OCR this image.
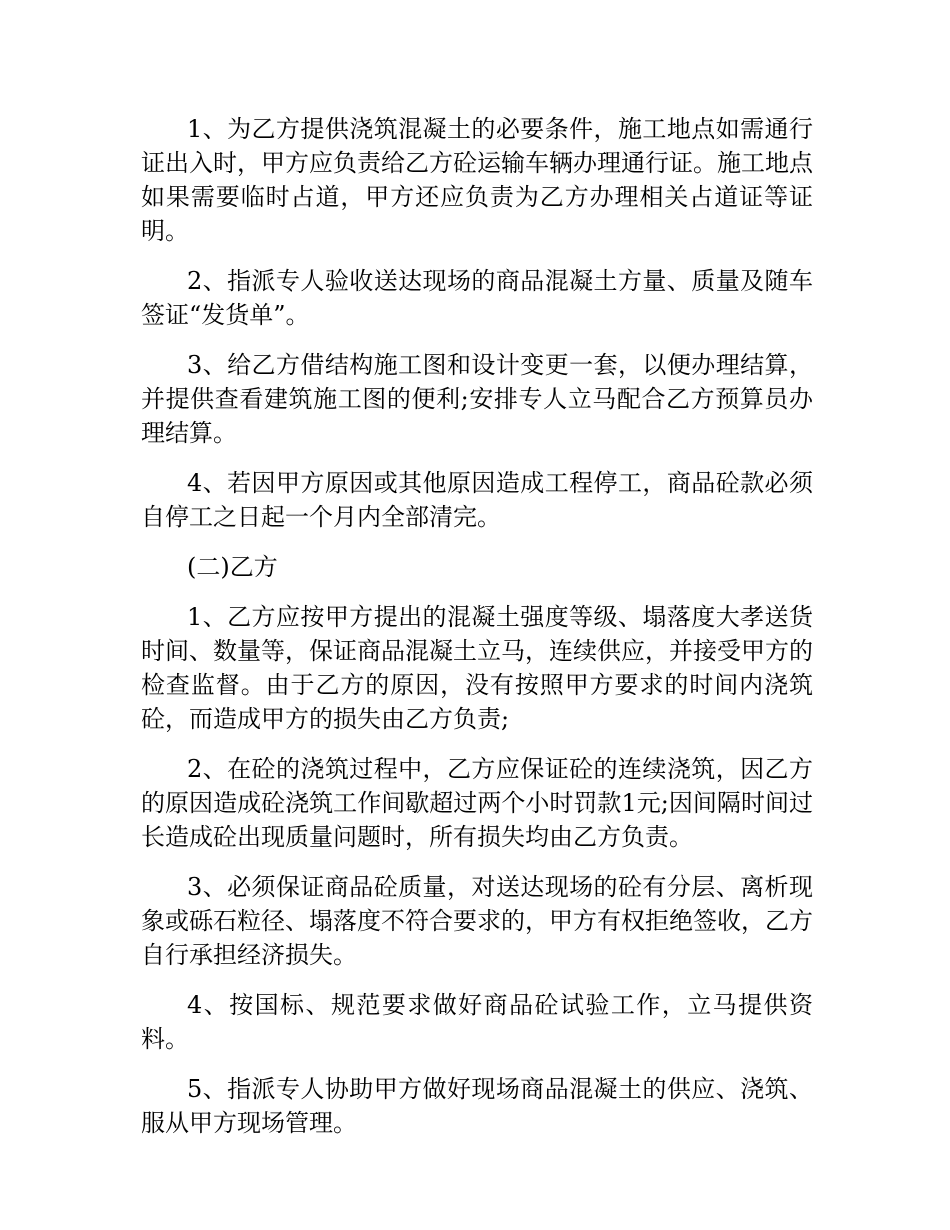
1、为乙方提供浇筑混凝土的必要条件，施工地点如需通行证出入时，甲方应负责给乙方砼运输车辆办理通行证。施工地点如果需要临时占道，甲方还应负责为乙方办理相关占道证等证明。

2、指派专人验收送达现场的商品混凝土方量、质量及随车签证“发货单”。

3、给乙方借结构施工图和设计变更一套，以便办理结算，并提供查看建筑施工图的便利;安排专人立马配合乙方预算员办理结算。

4、若因甲方原因或其他原因造成工程停工，商品砼款必须自停工之日起一个月内全部清完。

(二)乙方

1、乙方应按甲方提出的混凝土强度等级、塌落度大孝送货时间、数量等，保证商品混凝土立马，连续供应，并接受甲方的检查监督。由于乙方的原因，没有按照甲方要求的时间内浇筑砼，而造成甲方的损失由乙方负责;

2、在砼的浇筑过程中，乙方应保证砼的连续浇筑，因乙方的原因造成砼浇筑工作间歇超过两个小时罚款1元;因间隔时间过长造成砼出现质量问题时，所有损失均由乙方负责。

3、必须保证商品砼质量，对送达现场的砼有分层、离析现象或砾石粒径、塌落度不符合要求的，甲方有权拒绝签收，乙方自行承担经济损失。

4、按国标、规范要求做好商品砼试验工作，立马提供资料。

5、指派专人协助甲方做好现场商品混凝土的供应、浇筑、服从甲方现场管理。
